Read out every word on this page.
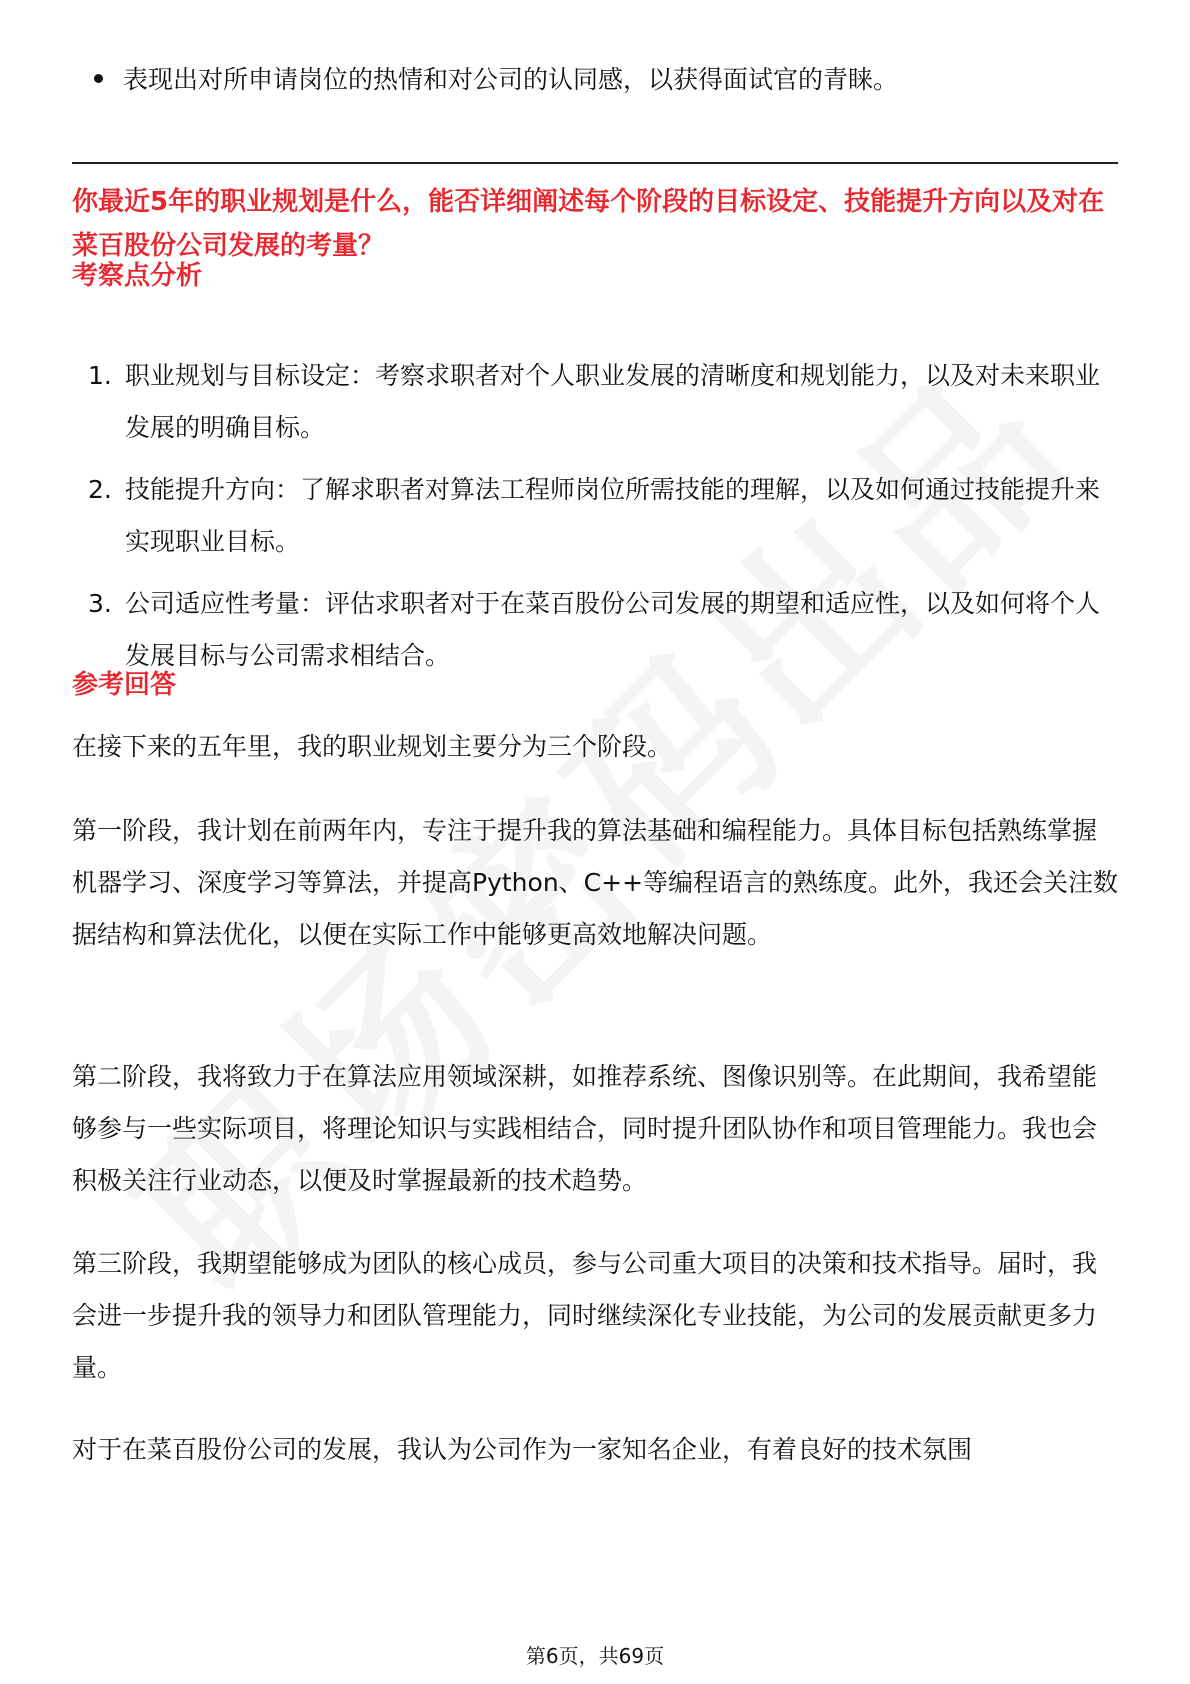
表现出对所申请岗位的热情和对公司的认同感，以获得面试官的青睐。
你最近5年的职业规划是什么，能否详细阐述每个阶段的目标设定、技能提升方向以及对在菜百股份公司发展的考量？
考察点分析
1. 职业规划与目标设定：考察求职者对个人职业发展的清晰度和规划能力，以及对未来职业发展的明确目标。
2. 技能提升方向：了解求职者对算法工程师岗位所需技能的理解，以及如何通过技能提升来实现职业目标。
3. 公司适应性考量：评估求职者对于在菜百股份公司发展的期望和适应性，以及如何将个人发展目标与公司需求相结合。
参考回答
在接下来的五年里，我的职业规划主要分为三个阶段。
第一阶段，我计划在前两年内，专注于提升我的算法基础和编程能力。具体目标包括熟练掌握机器学习、深度学习等算法，并提高Python、C++等编程语言的熟练度。此外，我还会关注数据结构和算法优化，以便在实际工作中能够更高效地解决问题。
第二阶段，我将致力于在算法应用领域深耕，如推荐系统、图像识别等。在此期间，我希望能够参与一些实际项目，将理论知识与实践相结合，同时提升团队协作和项目管理能力。我也会积极关注行业动态，以便及时掌握最新的技术趋势。
第三阶段，我期望能够成为团队的核心成员，参与公司重大项目的决策和技术指导。届时，我会进一步提升我的领导力和团队管理能力，同时继续深化专业技能，为公司的发展贡献更多力量。
对于在菜百股份公司的发展，我认为公司作为一家知名企业，有着良好的技术氛围
第6页，共69页
